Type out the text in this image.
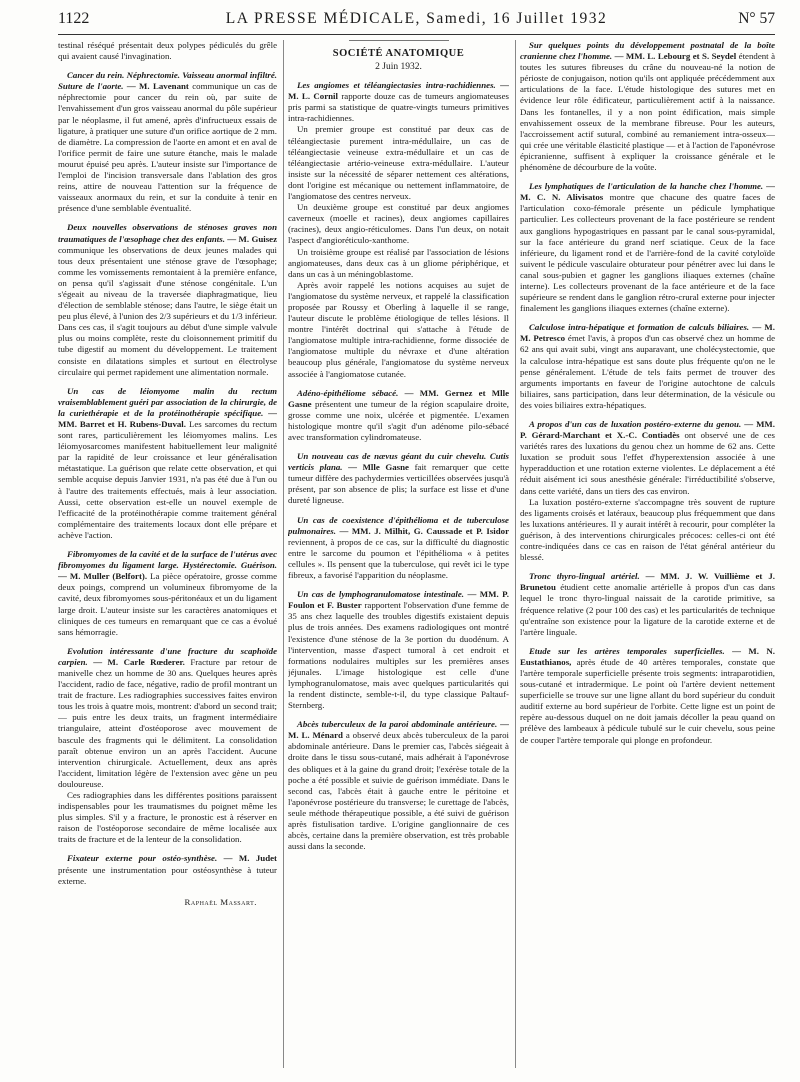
1122	LA PRESSE MÉDICALE, Samedi, 16 Juillet 1932	N° 57

testinal réséqué présentait deux polypes pédiculés du grêle qui avaient causé l'invagination.

Cancer du rein. Néphrectomie. Vaisseau anormal infiltré. Suture de l'aorte. — M. Lavenant communique un cas de néphrectomie pour cancer du rein où, par suite de l'envahissement d'un gros vaisseau anormal du pôle supérieur par le néoplasme, il fut amené, après d'infructueux essais de ligature, à pratiquer une suture d'un orifice aortique de 2 mm. de diamètre. La compression de l'aorte en amont et en aval de l'orifice permit de faire une suture étanche, mais le malade mourut épuisé peu après. L'auteur insiste sur l'importance de l'emploi de l'incision transversale dans l'ablation des gros reins, attire de nouveau l'attention sur la fréquence de vaisseaux anormaux du rein, et sur la conduite à tenir en présence d'une semblable éventualité.

Deux nouvelles observations de sténoses graves non traumatiques de l'œsophage chez des enfants. — M. Guisez communique les observations de deux jeunes malades qui tous deux présentaient une sténose grave de l'œsophage; comme les vomissements remontaient à la première enfance, on pensa qu'il s'agissait d'une sténose congénitale. L'un s'égeait au niveau de la traversée diaphragmatique, lieu d'élection de semblable sténose; dans l'autre, le siège était un peu plus élevé, à l'union des 2/3 supérieurs et du 1/3 inférieur. Dans ces cas, il s'agit toujours au début d'une simple valvule plus ou moins complète, reste du cloisonnement primitif du tube digestif au moment du développement. Le traitement consiste en dilatations simples et surtout en électrolyse circulaire qui permet rapidement une alimentation normale.

Un cas de léiomyome malin du rectum vraisemblablement guéri par association de la chirurgie, de la curiethérapie et de la protéinothérapie spécifique. — MM. Barret et H. Rubens-Duval. Les sarcomes du rectum sont rares, particulièrement les léiomyomes malins. Les léiomyosarcomes manifestent habituellement leur malignité par la rapidité de leur croissance et leur généralisation métastatique. La guérison que relate cette observation, et qui semble acquise depuis Janvier 1931, n'a pas été due à l'un ou à l'autre des traitements effectués, mais à leur association. Aussi, cette observation est-elle un nouvel exemple de l'efficacité de la protéinothérapie comme traitement général complémentaire des traitements locaux dont elle prépare et achève l'action.

Fibromyomes de la cavité et de la surface de l'utérus avec fibromyomes du ligament large. Hystérectomie. Guérison. — M. Muller (Belfort). La pièce opératoire, grosse comme deux poings, comprend un volumineux fibromyome de la cavité, deux fibromyomes sous-péritonéaux et un du ligament large droit. L'auteur insiste sur les caractères anatomiques et cliniques de ces tumeurs en remarquant que ce cas a évolué sans hémorragie.

Evolution intéressante d'une fracture du scaphoïde carpien. — M. Carle Rœderer. Fracture par retour de manivelle chez un homme de 30 ans. Quelques heures après l'accident, radio de face, négative, radio de profil montrant un trait de fracture. Les radiographies successives faites environ tous les trois à quatre mois, montrent: d'abord un second trait; — puis entre les deux traits, un fragment intermédiaire triangulaire, atteint d'ostéoporose avec mouvement de bascule des fragments qui le délimitent. La consolidation paraît obtenue environ un an après l'accident. Aucune intervention chirurgicale. Actuellement, deux ans après l'accident, limitation légère de l'extension avec gène un peu douloureuse.

Ces radiographies dans les différentes positions paraissent indispensables pour les traumatismes du poignet même les plus simples. S'il y a fracture, le pronostic est à réserver en raison de l'ostéoporose secondaire de même localisée aux traits de fracture et de la lenteur de la consolidation.

Fixateur externe pour ostéo-synthèse. — M. Judet présente une instrumentation pour ostéosynthèse à tuteur externe.

Raphaël Massart.
SOCIÉTÉ ANATOMIQUE
2 Juin 1932.

Les angiomes et téléangiectasies intra-rachidiennes. — M. L. Cornil rapporte douze cas de tumeurs angiomateuses pris parmi sa statistique de quatre-vingts tumeurs primitives intra-rachidiennes.

Un premier groupe est constitué par deux cas de téléangiectasie purement intra-médullaire, un cas de téléangiectasie veineuse extra-médullaire et un cas de téléangiectasie artério-veineuse extra-médullaire. L'auteur insiste sur la nécessité de séparer nettement ces altérations, dont l'origine est mécanique ou nettement inflammatoire, de l'angiomatose des centres nerveux.

Un deuxième groupe est constitué par deux angiomes caverneux (moelle et racines), deux angiomes capillaires (racines), deux angio-réticulomes. Dans l'un deux, on notait l'aspect d'angioréticulo-xanthome.

Un troisième groupe est réalisé par l'association de lésions angiomateuses, dans deux cas à un gliome périphérique, et dans un cas à un méningoblastome.

Après avoir rappelé les notions acquises au sujet de l'angiomatose du système nerveux, et rappelé la classification proposée par Roussy et Oberling à laquelle il se range, l'auteur discute le problème étiologique de telles lésions. Il montre l'intérêt doctrinal qui s'attache à l'étude de l'angiomatose multiple intra-rachidienne, forme dissociée de l'angiomatose multiple du névraxe et d'une altération beaucoup plus générale, l'angiomatose du système nerveux associée à l'angiomatose cutanée.

Adéno-épithéliome sébacé. — MM. Gernez et Mlle Gasne présentent une tumeur de la région scapulaire droite, grosse comme une noix, ulcérée et pigmentée. L'examen histologique montre qu'il s'agit d'un adénome pilo-sébacé avec transformation cylindromateuse.

Un nouveau cas de nævus géant du cuir chevelu. Cutis verticis plana. — Mlle Gasne fait remarquer que cette tumeur diffère des pachydermies verticillées observées jusqu'à présent, par son absence de plis; la surface est lisse et d'une dureté ligneuse.

Un cas de coexistence d'épithélioma et de tuberculose pulmonaires. — MM. J. Milhit, G. Caussade et P. Isidor reviennent, à propos de ce cas, sur la difficulté du diagnostic entre le sarcome du poumon et l'épithélioma « à petites cellules ». Ils pensent que la tuberculose, qui revêt ici le type fibreux, a favorisé l'apparition du néoplasme.

Un cas de lymphogranulomatose intestinale. — MM. P. Foulon et F. Buster rapportent l'observation d'une femme de 35 ans chez laquelle des troubles digestifs existaient depuis plus de trois années. Des examens radiologiques ont montré l'existence d'une sténose de la 3e portion du duodénum. A l'intervention, masse d'aspect tumoral à cet endroit et formations nodulaires multiples sur les premières anses jéjunales. L'image histologique est celle d'une lymphogranulomatose, mais avec quelques particularités qui la rendent distincte, semble-t-il, du type classique Paltauf-Sternberg.

Abcès tuberculeux de la paroi abdominale antérieure. — M. L. Ménard a observé deux abcès tuberculeux de la paroi abdominale antérieure. Dans le premier cas, l'abcès siégeait à droite dans le tissu sous-cutané, mais adhérait à l'aponévrose des obliques et à la gaine du grand droit; l'exérèse totale de la poche a été possible et suivie de guérison immédiate. Dans le second cas, l'abcès était à gauche entre le péritoine et l'aponévrose postérieure du transverse; le curettage de l'abcès, seule méthode thérapeutique possible, a été suivi de guérison après fistulisation tardive. L'origine ganglionnaire de ces abcès, certaine dans la première observation, est très probable aussi dans la seconde.

Sur quelques points du développement postnatal de la boîte cranienne chez l'homme. — MM. L. Lebourg et S. Seydel étendent à toutes les sutures fibreuses du crâne du nouveau-né la notion de périoste de conjugaison, notion qu'ils ont appliquée précédemment aux articulations de la face. L'étude histologique des sutures met en évidence leur rôle édificateur, particulièrement actif à la naissance. Dans les fontanelles, il y a non point édification, mais simple envahissement osseux de la membrane fibreuse. Pour les auteurs, l'accroissement actif sutural, combiné au remaniement intra-osseux— qui crée une véritable élasticité plastique — et à l'action de l'aponévrose épicranienne, suffisent à expliquer la croissance générale et le phénomène de décourbure de la voûte.

Les lymphatiques de l'articulation de la hanche chez l'homme. — M. C. N. Alivisatos montre que chacune des quatre faces de l'articulation coxo-fémorale présente un pédicule lymphatique particulier. Les collecteurs provenant de la face postérieure se rendent aux ganglions hypogastriques en passant par le canal sous-pyramidal, sur la face antérieure du grand nerf sciatique. Ceux de la face inférieure, du ligament rond et de l'arrière-fond de la cavité cotyloïde suivent le pédicule vasculaire obturateur pour pénétrer avec lui dans le canal sous-pubien et gagner les ganglions iliaques externes (chaîne interne). Les collecteurs provenant de la face antérieure et de la face supérieure se rendent dans le ganglion rétro-crural externe pour injecter finalement les ganglions iliaques externes (chaîne externe).

Calculose intra-hépatique et formation de calculs biliaires. — M. M. Petresco émet l'avis, à propos d'un cas observé chez un homme de 62 ans qui avait subi, vingt ans auparavant, une cholécystectomie, que la calculose intra-hépatique est sans doute plus fréquente qu'on ne le pense généralement. L'étude de tels faits permet de trouver des arguments importants en faveur de l'origine autochtone de calculs biliaires, sans participation, dans leur détermination, de la vésicule ou des voies biliaires extra-hépatiques.

A propos d'un cas de luxation postéro-externe du genou. — MM. P. Gérard-Marchant et X.-C. Contiadès ont observé une de ces variétés rares des luxations du genou chez un homme de 62 ans. Cette luxation se produit sous l'effet d'hyperextension associée à une hyperadduction et une rotation externe violentes. Le déplacement a été réduit aisément ici sous anesthésie générale: l'irréductibilité s'observe, dans cette variété, dans un tiers des cas environ.

La luxation postéro-externe s'accompagne très souvent de rupture des ligaments croisés et latéraux, beaucoup plus fréquemment que dans les luxations antérieures. Il y aurait intérêt à recourir, pour compléter la guérison, à des interventions chirurgicales précoces: celles-ci ont été contre-indiquées dans ce cas en raison de l'état général antérieur du blessé.

Tronc thyro-lingual artériel. — MM. J. W. Vuillième et J. Brunetou étudient cette anomalie artérielle à propos d'un cas dans lequel le tronc thyro-lingual naissait de la carotide primitive, sa fréquence relative (2 pour 100 des cas) et les particularités de technique qu'entraîne son existence pour la ligature de la carotide externe et de l'artère linguale.

Etude sur les artères temporales superficielles. — M. N. Eustathianos, après étude de 40 artères temporales, constate que l'artère temporale superficielle présente trois segments: intraparotidien, sous-cutané et intradermique. Le point où l'artère devient nettement superficielle se trouve sur une ligne allant du bord supérieur du conduit auditif externe au bord supérieur de l'orbite. Cette ligne est un point de repère au-dessous duquel on ne doit jamais décoller la peau quand on prélève des lambeaux à pédicule tubulé sur le cuir chevelu, sous peine de couper l'artère temporale qui plonge en profondeur.
